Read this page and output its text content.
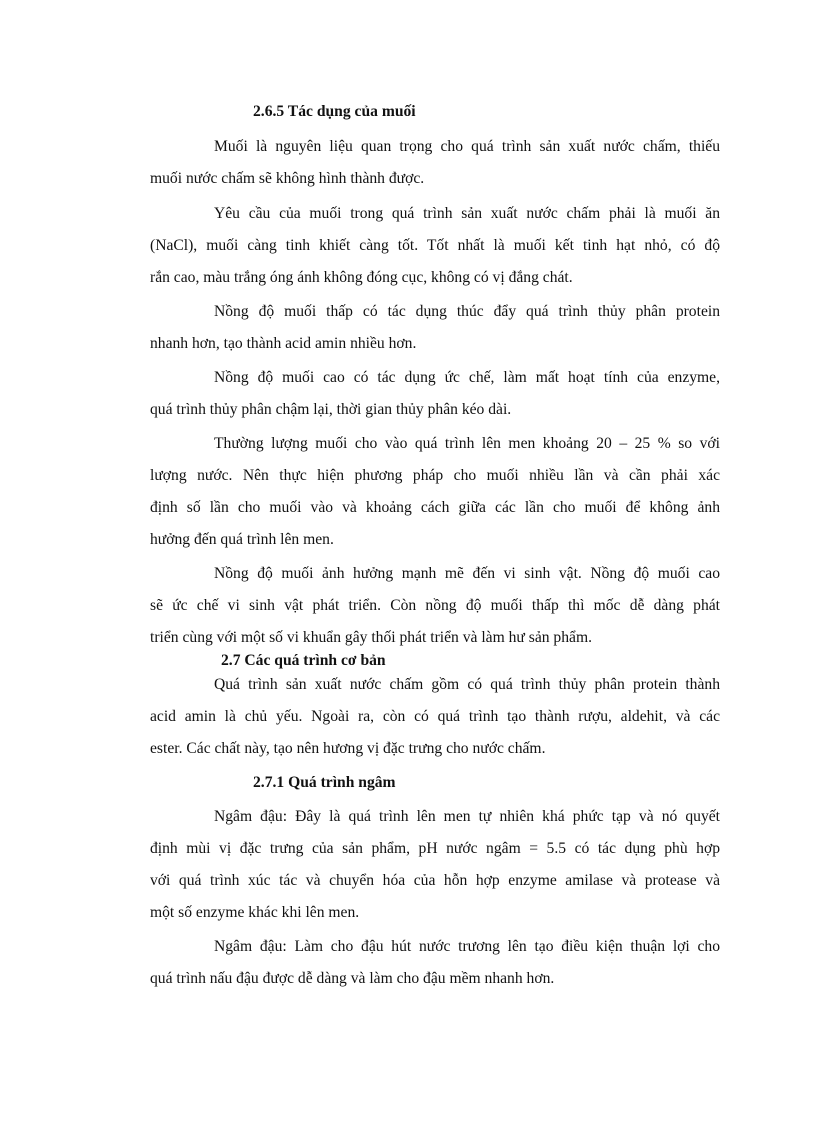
2.6.5 Tác dụng của muối
Muối là nguyên liệu quan trọng cho quá trình sản xuất nước chấm, thiếu
muối nước chấm sẽ không hình thành được.
Yêu cầu của muối trong quá trình sản xuất nước chấm phải là muối ăn
(NaCl), muối càng tinh khiết càng tốt. Tốt nhất là muối kết tinh hạt nhỏ, có độ
rắn cao, màu trắng óng ánh không đóng cục, không có vị đắng chát.
Nồng độ muối thấp có tác dụng thúc đẩy quá trình thủy phân protein
nhanh hơn, tạo thành acid amin nhiều hơn.
Nồng độ muối cao có tác dụng ức chế, làm mất hoạt tính của enzyme,
quá trình thủy phân chậm lại, thời gian thủy phân kéo dài.
Thường lượng muối cho vào quá trình lên men khoảng 20 – 25 % so với
lượng nước. Nên thực hiện phương pháp cho muối nhiều lần và cần phải xác
định số lần cho muối vào và khoảng cách giữa các lần cho muối để không ảnh
hưởng đến quá trình lên men.
Nồng độ muối ảnh hưởng mạnh mẽ đến vi sinh vật. Nồng độ muối cao
sẽ ức chế vi sinh vật phát triển. Còn nồng độ muối thấp thì mốc dễ dàng phát
triển cùng với một số vi khuẩn gây thối phát triển và làm hư sản phẩm.
2.7 Các quá trình cơ bản
Quá trình sản xuất nước chấm gồm có quá trình thủy phân protein thành
acid amin là chủ yếu. Ngoài ra, còn có quá trình tạo thành rượu, aldehit, và các
ester. Các chất này, tạo nên hương vị đặc trưng cho nước chấm.
2.7.1 Quá trình ngâm
Ngâm đậu: Đây là quá trình lên men tự nhiên khá phức tạp và nó quyết
định mùi vị đặc trưng của sản phẩm, pH nước ngâm = 5.5 có tác dụng phù hợp
với quá trình xúc tác và chuyển hóa của hỗn hợp enzyme amilase và protease và
một số enzyme khác khi lên men.
Ngâm đậu: Làm cho đậu hút nước trương lên tạo điều kiện thuận lợi cho
quá trình nấu đậu được dễ dàng và làm cho đậu mềm nhanh hơn.
